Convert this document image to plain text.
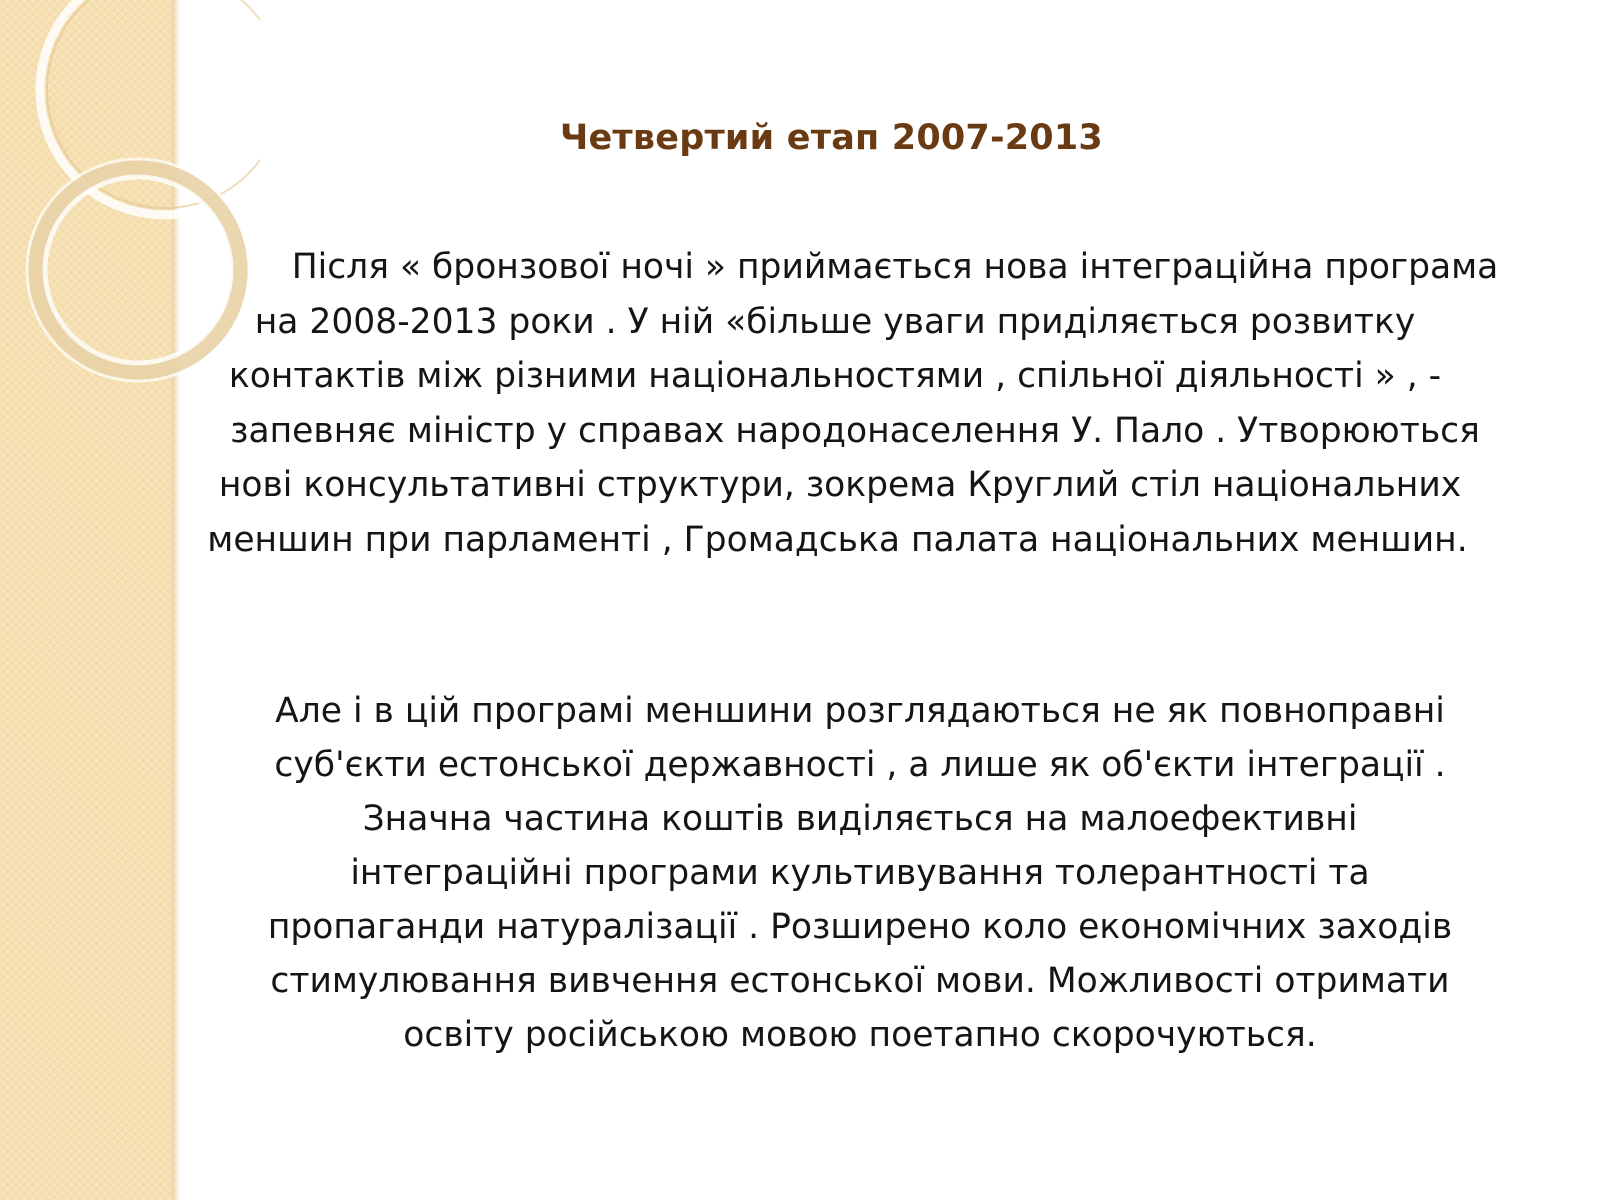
Четвертий етап 2007-2013
Після « бронзової ночі » приймається нова інтеграційна програма
на 2008-2013 роки . У ній «більше уваги приділяється розвитку
контактів між різними національностями , спільної діяльності » , -
запевняє міністр у справах народонаселення У. Пало . Утворюються
нові консультативні структури, зокрема Круглий стіл національних
меншин при парламенті , Громадська палата національних меншин.
Але і в цій програмі меншини розглядаються не як повноправні
суб'єкти естонської державності , а лише як об'єкти інтеграції .
Значна частина коштів виділяється на малоефективні
інтеграційні програми культивування толерантності та
пропаганди натуралізації . Розширено коло економічних заходів
стимулювання вивчення естонської мови. Можливості отримати
освіту російською мовою поетапно скорочуються.
